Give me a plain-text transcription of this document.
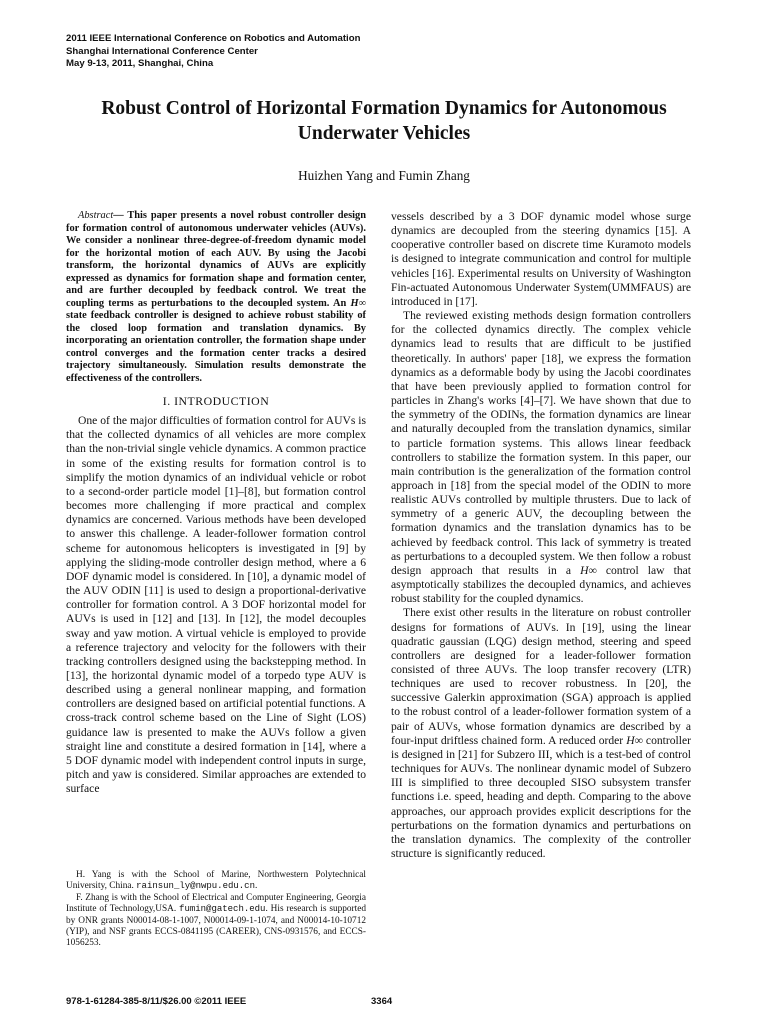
2011 IEEE International Conference on Robotics and Automation
Shanghai International Conference Center
May 9-13, 2011, Shanghai, China
Robust Control of Horizontal Formation Dynamics for Autonomous Underwater Vehicles
Huizhen Yang and Fumin Zhang

Abstract— This paper presents a novel robust controller design for formation control of autonomous underwater vehicles (AUVs). We consider a nonlinear three-degree-of-freedom dynamic model for the horizontal motion of each AUV. By using the Jacobi transform, the horizontal dynamics of AUVs are explicitly expressed as dynamics for formation shape and formation center, and are further decoupled by feedback control. We treat the coupling terms as perturbations to the decoupled system. An H∞ state feedback controller is designed to achieve robust stability of the closed loop formation and translation dynamics. By incorporating an orientation controller, the formation shape under control converges and the formation center tracks a desired trajectory simultaneously. Simulation results demonstrate the effectiveness of the controllers.

I. INTRODUCTION

One of the major difficulties of formation control for AUVs is that the collected dynamics of all vehicles are more complex than the non-trivial single vehicle dynamics. A common practice in some of the existing results for formation control is to simplify the motion dynamics of an individual vehicle or robot to a second-order particle model [1]–[8], but formation control becomes more challenging if more practical and complex dynamics are concerned. Various methods have been developed to answer this challenge. A leader-follower formation control scheme for autonomous helicopters is investigated in [9] by applying the sliding-mode controller design method, where a 6 DOF dynamic model is considered. In [10], a dynamic model of the AUV ODIN [11] is used to design a proportional-derivative controller for formation control. A 3 DOF horizontal model for AUVs is used in [12] and [13]. In [12], the model decouples sway and yaw motion. A virtual vehicle is employed to provide a reference trajectory and velocity for the followers with their tracking controllers designed using the backstepping method. In [13], the horizontal dynamic model of a torpedo type AUV is described using a general nonlinear mapping, and formation controllers are designed based on artificial potential functions. A cross-track control scheme based on the Line of Sight (LOS) guidance law is presented to make the AUVs follow a given straight line and constitute a desired formation in [14], where a 5 DOF dynamic model with independent control inputs in surge, pitch and yaw is considered. Similar approaches are extended to surface

vessels described by a 3 DOF dynamic model whose surge dynamics are decoupled from the steering dynamics [15]. A cooperative controller based on discrete time Kuramoto models is designed to integrate communication and control for multiple vehicles [16]. Experimental results on University of Washington Fin-actuated Autonomous Underwater System(UMMFAUS) are introduced in [17].

The reviewed existing methods design formation controllers for the collected dynamics directly. The complex vehicle dynamics lead to results that are difficult to be justified theoretically. In authors' paper [18], we express the formation dynamics as a deformable body by using the Jacobi coordinates that have been previously applied to formation control for particles in Zhang's works [4]–[7]. We have shown that due to the symmetry of the ODINs, the formation dynamics are linear and naturally decoupled from the translation dynamics, similar to particle formation systems. This allows linear feedback controllers to stabilize the formation system. In this paper, our main contribution is the generalization of the formation control approach in [18] from the special model of the ODIN to more realistic AUVs controlled by multiple thrusters. Due to lack of symmetry of a generic AUV, the decoupling between the formation dynamics and the translation dynamics has to be achieved by feedback control. This lack of symmetry is treated as perturbations to a decoupled system. We then follow a robust design approach that results in a H∞ control law that asymptotically stabilizes the decoupled dynamics, and achieves robust stability for the coupled dynamics.

There exist other results in the literature on robust controller designs for formations of AUVs. In [19], using the linear quadratic gaussian (LQG) design method, steering and speed controllers are designed for a leader-follower formation consisted of three AUVs. The loop transfer recovery (LTR) techniques are used to recover robustness. In [20], the successive Galerkin approximation (SGA) approach is applied to the robust control of a leader-follower formation system of a pair of AUVs, whose formation dynamics are described by a four-input driftless chained form. A reduced order H∞ controller is designed in [21] for Subzero III, which is a test-bed of control techniques for AUVs. The nonlinear dynamic model of Subzero III is simplified to three decoupled SISO subsystem transfer functions i.e. speed, heading and depth. Comparing to the above approaches, our approach provides explicit descriptions for the perturbations on the formation dynamics and perturbations on the translation dynamics. The complexity of the controller structure is significantly reduced.

H. Yang is with the School of Marine, Northwestern Polytechnical University, China. rainsun_ly@nwpu.edu.cn.

F. Zhang is with the School of Electrical and Computer Engineering, Georgia Institute of Technology,USA. fumin@gatech.edu. His research is supported by ONR grants N00014-08-1-1007, N00014-09-1-1074, and N00014-10-10712 (YIP), and NSF grants ECCS-0841195 (CAREER), CNS-0931576, and ECCS-1056253.

978-1-61284-385-8/11/$26.00 ©2011 IEEE	3364
